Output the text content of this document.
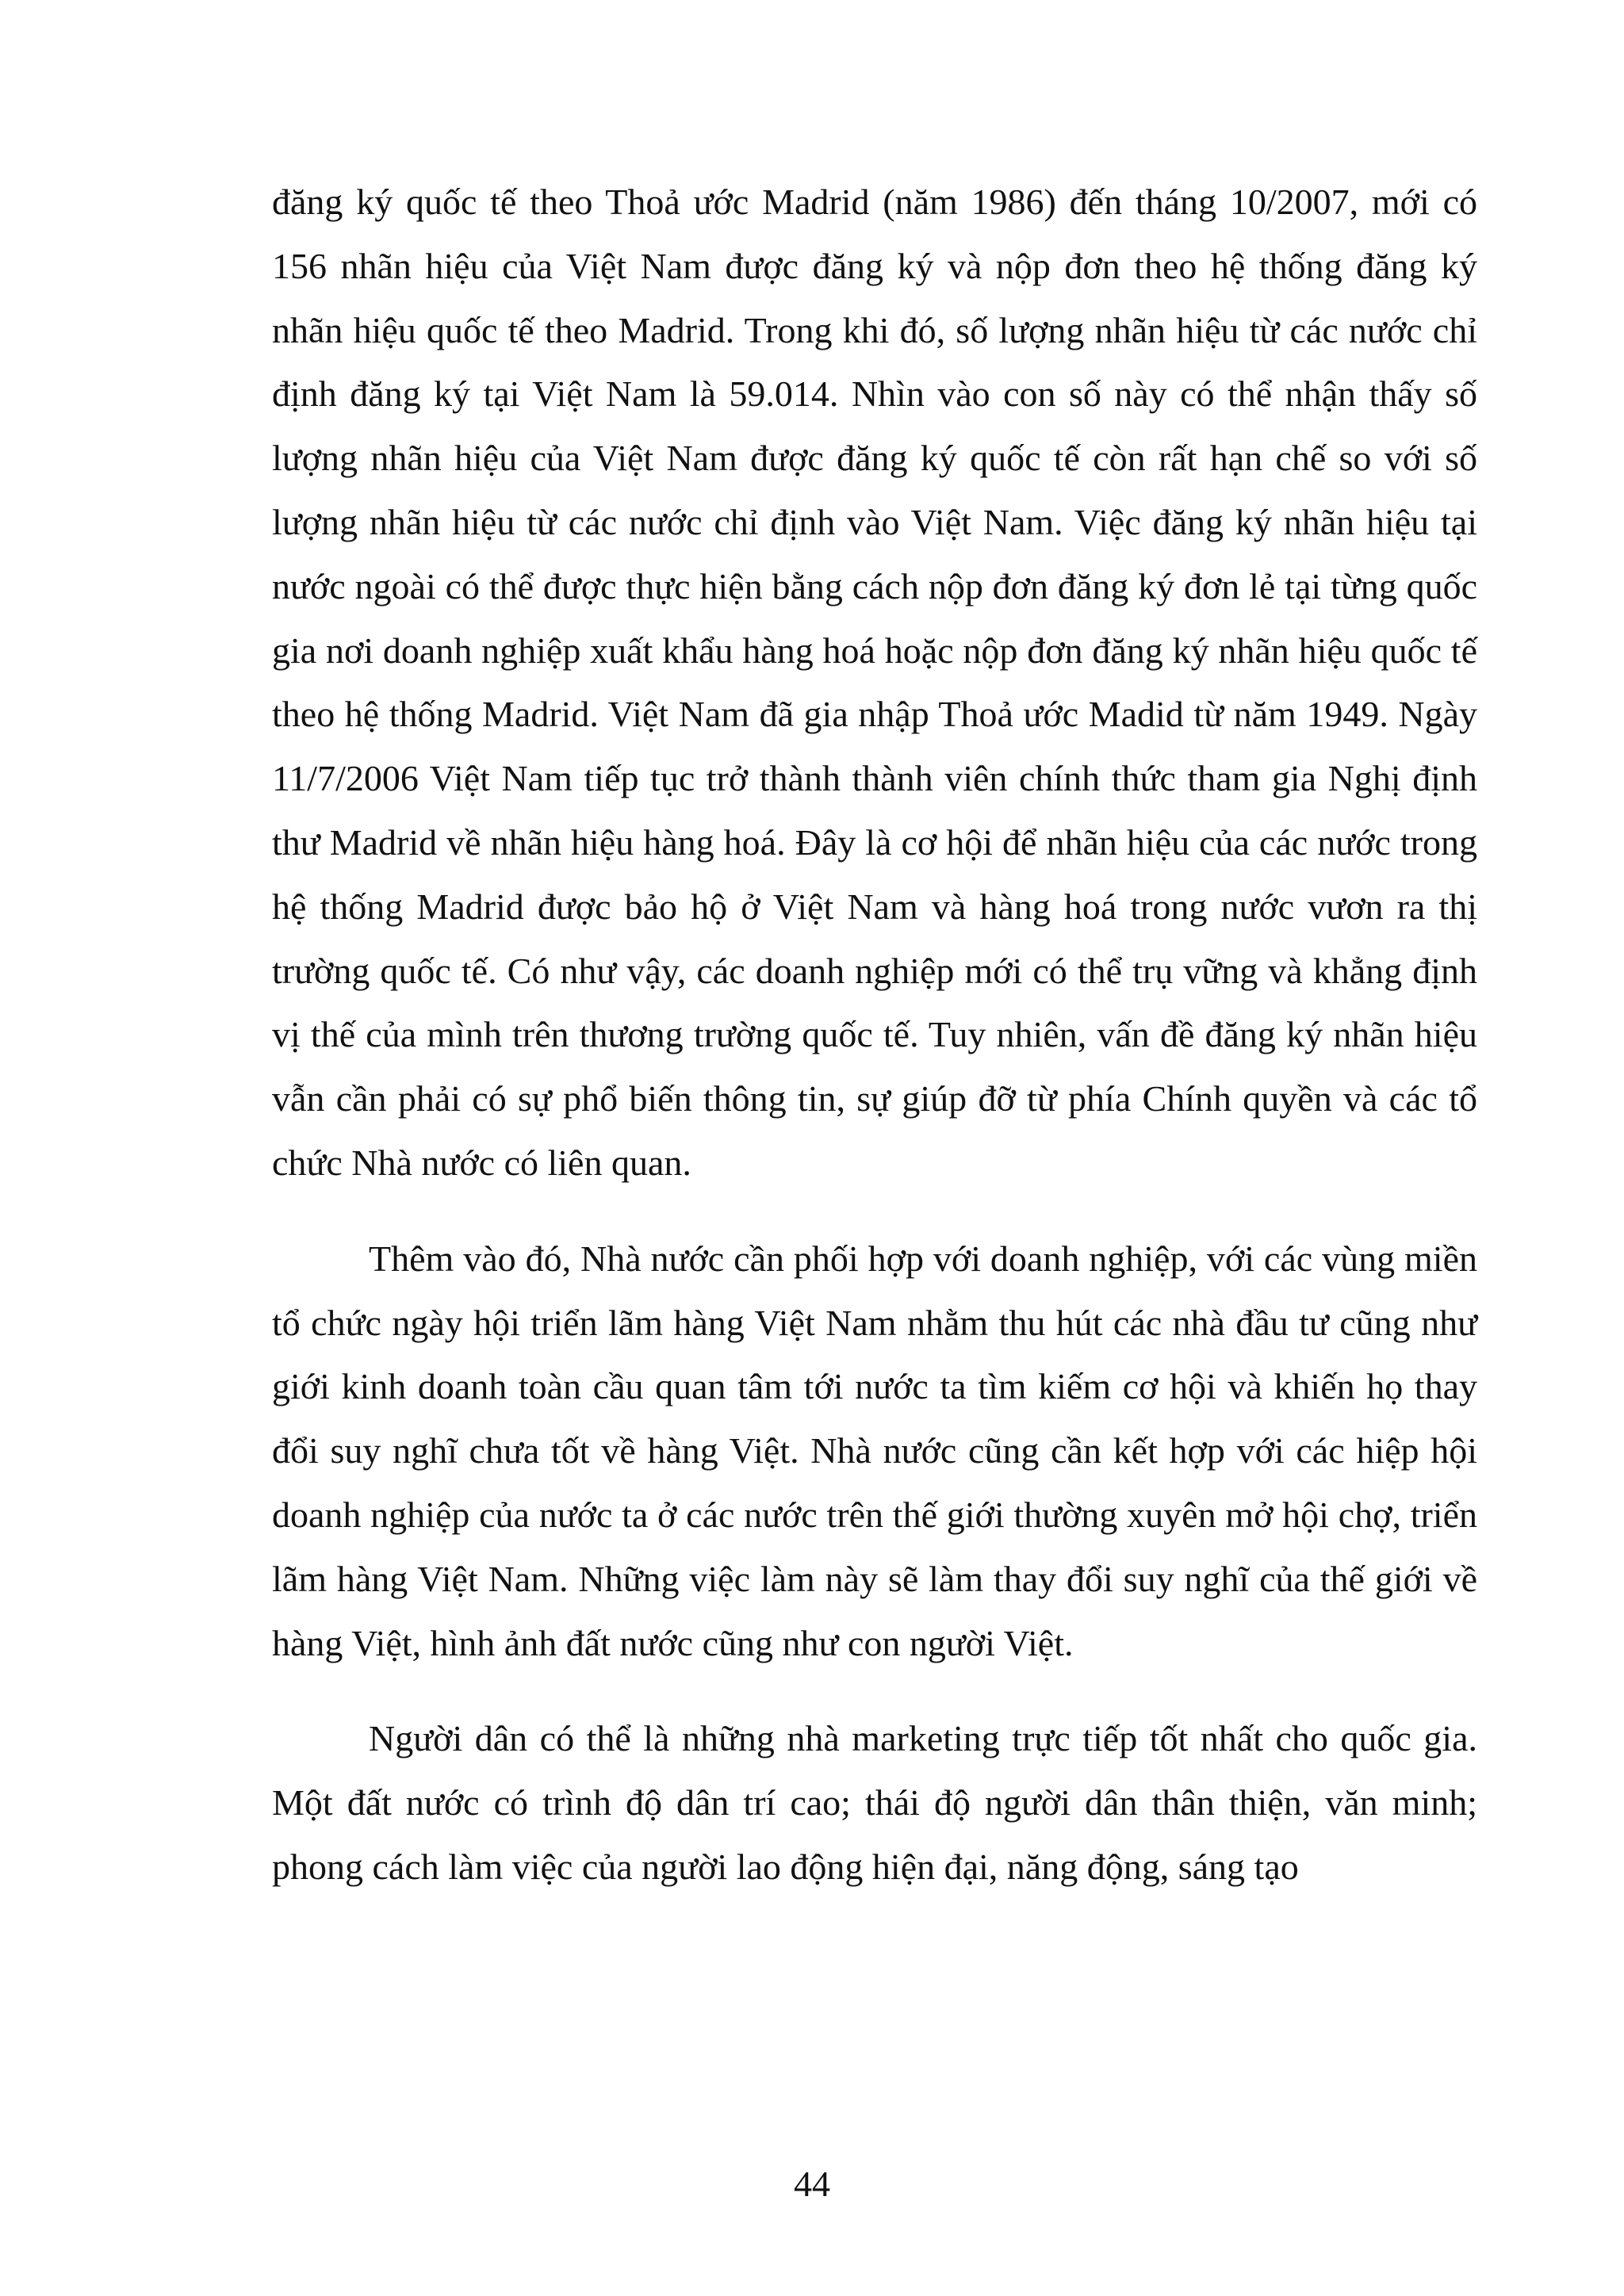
đăng ký quốc tế theo Thoả ước Madrid (năm 1986) đến tháng 10/2007, mới có 156 nhãn hiệu của Việt Nam được đăng ký và nộp đơn theo hệ thống đăng ký nhãn hiệu quốc tế theo Madrid. Trong khi đó, số lượng nhãn hiệu từ các nước chỉ định đăng ký tại Việt Nam là 59.014. Nhìn vào con số này có thể nhận thấy số lượng nhãn hiệu của Việt Nam được đăng ký quốc tế còn rất hạn chế so với số lượng nhãn hiệu từ các nước chỉ định vào Việt Nam. Việc đăng ký nhãn hiệu tại nước ngoài có thể được thực hiện bằng cách nộp đơn đăng ký đơn lẻ tại từng quốc gia nơi doanh nghiệp xuất khẩu hàng hoá hoặc nộp đơn đăng ký nhãn hiệu quốc tế theo hệ thống Madrid. Việt Nam đã gia nhập Thoả ước Madid từ năm 1949. Ngày 11/7/2006 Việt Nam tiếp tục trở thành thành viên chính thức tham gia Nghị định thư Madrid về nhãn hiệu hàng hoá. Đây là cơ hội để nhãn hiệu của các nước trong hệ thống Madrid được bảo hộ ở Việt Nam và hàng hoá trong nước vươn ra thị trường quốc tế. Có như vậy, các doanh nghiệp mới có thể trụ vững và khẳng định vị thế của mình trên thương trường quốc tế. Tuy nhiên, vấn đề đăng ký nhãn hiệu vẫn cần phải có sự phổ biến thông tin, sự giúp đỡ từ phía Chính quyền và các tổ chức Nhà nước có liên quan.

Thêm vào đó, Nhà nước cần phối hợp với doanh nghiệp, với các vùng miền tổ chức ngày hội triển lãm hàng Việt Nam nhằm thu hút các nhà đầu tư cũng như giới kinh doanh toàn cầu quan tâm tới nước ta tìm kiếm cơ hội và khiến họ thay đổi suy nghĩ chưa tốt về hàng Việt. Nhà nước cũng cần kết hợp với các hiệp hội doanh nghiệp của nước ta ở các nước trên thế giới thường xuyên mở hội chợ, triển lãm hàng Việt Nam. Những việc làm này sẽ làm thay đổi suy nghĩ của thế giới về hàng Việt, hình ảnh đất nước cũng như con người Việt.

Người dân có thể là những nhà marketing trực tiếp tốt nhất cho quốc gia. Một đất nước có trình độ dân trí cao; thái độ người dân thân thiện, văn minh; phong cách làm việc của người lao động hiện đại, năng động, sáng tạo

44
